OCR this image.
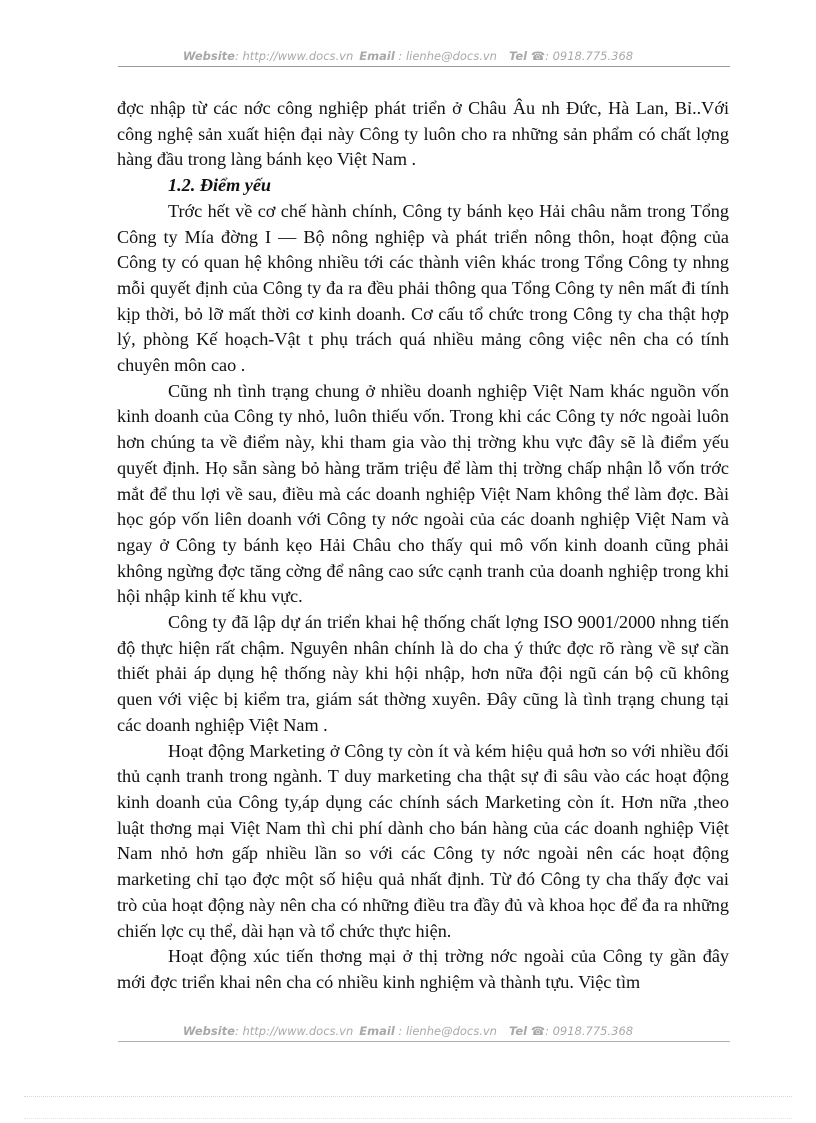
Website: http://www.docs.vn Email : lienhe@docs.vn Tel ☎: 0918.775.368

đợc nhập từ các nớc công nghiệp phát triển ở Châu Âu nh Đức, Hà Lan, Bỉ..Với công nghệ sản xuất hiện đại này Công ty luôn cho ra những sản phẩm có chất lợng hàng đầu trong làng bánh kẹo Việt Nam .

1.2. Điểm yếu

Trớc hết về cơ chế hành chính, Công ty bánh kẹo Hải châu nằm trong Tổng Công ty Mía đờng I — Bộ nông nghiệp và phát triển nông thôn, hoạt động của Công ty có quan hệ không nhiều tới các thành viên khác trong Tổng Công ty nhng mỗi quyết định của Công ty đa ra đều phải thông qua Tổng Công ty nên mất đi tính kịp thời, bỏ lỡ mất thời cơ kinh doanh. Cơ cấu tổ chức trong Công ty cha thật hợp lý, phòng Kế hoạch-Vật t phụ trách quá nhiều mảng công việc nên cha có tính chuyên môn cao .

Cũng nh tình trạng chung ở nhiều doanh nghiệp Việt Nam khác nguồn vốn kinh doanh của Công ty nhỏ, luôn thiếu vốn. Trong khi các Công ty nớc ngoài luôn hơn chúng ta về điểm này, khi tham gia vào thị trờng khu vực đây sẽ là điểm yếu quyết định. Họ sẵn sàng bỏ hàng trăm triệu để làm thị trờng chấp nhận lỗ vốn trớc mắt để thu lợi về sau, điều mà các doanh nghiệp Việt Nam không thể làm đợc. Bài học góp vốn liên doanh với Công ty nớc ngoài của các doanh nghiệp Việt Nam và ngay ở Công ty bánh kẹo Hải Châu cho thấy qui mô vốn kinh doanh cũng phải không ngừng đợc tăng cờng để nâng cao sức cạnh tranh của doanh nghiệp trong khi hội nhập kinh tế khu vực.

Công ty đã lập dự án triển khai hệ thống chất lợng ISO 9001/2000 nhng tiến độ thực hiện rất chậm. Nguyên nhân chính là do cha ý thức đợc rõ ràng về sự cần thiết phải áp dụng hệ thống này khi hội nhập, hơn nữa đội ngũ cán bộ cũ không quen với việc bị kiểm tra, giám sát thờng xuyên. Đây cũng là tình trạng chung tại các doanh nghiệp Việt Nam .

Hoạt động Marketing ở Công ty còn ít và kém hiệu quả hơn so với nhiều đối thủ cạnh tranh trong ngành. T duy marketing cha thật sự đi sâu vào các hoạt động kinh doanh của Công ty,áp dụng các chính sách Marketing còn ít. Hơn nữa ,theo luật thơng mại Việt Nam thì chi phí dành cho bán hàng của các doanh nghiệp Việt Nam nhỏ hơn gấp nhiều lần so với các Công ty nớc ngoài nên các hoạt động marketing chỉ tạo đợc một số hiệu quả nhất định. Từ đó Công ty cha thấy đợc vai trò của hoạt động này nên cha có những điều tra đầy đủ và khoa học để đa ra những chiến lợc cụ thể, dài hạn và tổ chức thực hiện.

Hoạt động xúc tiến thơng mại ở thị trờng nớc ngoài của Công ty gần đây mới đợc triển khai nên cha có nhiều kinh nghiệm và thành tựu. Việc tìm

Website: http://www.docs.vn Email : lienhe@docs.vn Tel ☎: 0918.775.368
